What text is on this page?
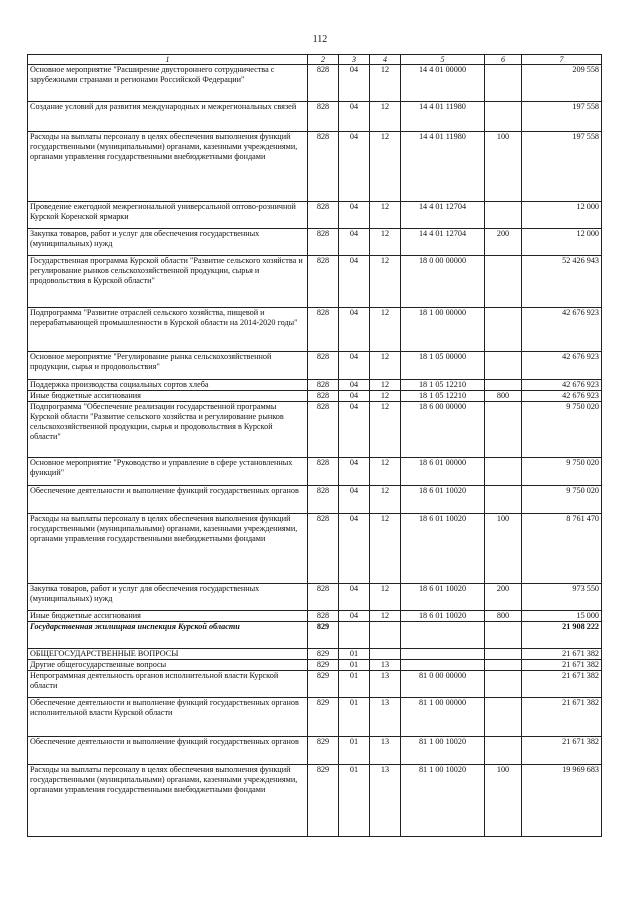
112
1	2	3	4	5	6	7
Основное мероприятие "Расширение двустороннего сотрудничества с зарубежными странами и регионами Российской Федерации"	828	04	12	14 4 01 00000		209 558
Создание условий для развития международных и межрегиональных связей	828	04	12	14 4 01 11980		197 558
Расходы на выплаты персоналу в целях обеспечения выполнения функций государственными (муниципальными) органами, казенными учреждениями, органами управления государственными внебюджетными фондами	828	04	12	14 4 01 11980	100	197 558
Проведение ежегодной межрегиональной универсальной оптово-розничной Курской Коренской ярмарки	828	04	12	14 4 01 12704		12 000
Закупка товаров, работ и услуг для обеспечения государственных (муниципальных) нужд	828	04	12	14 4 01 12704	200	12 000
Государственная программа Курской области "Развитие сельского хозяйства и регулирование рынков сельскохозяйственной продукции, сырья и продовольствия в Курской области"	828	04	12	18 0 00 00000		52 426 943
Подпрограмма "Развитие отраслей сельского хозяйства, пищевой и перерабатывающей промышленности в Курской области на 2014-2020 годы"	828	04	12	18 1 00 00000		42 676 923
Основное мероприятие "Регулирование рынка сельскохозяйственной продукции, сырья и продовольствия"	828	04	12	18 1 05 00000		42 676 923
Поддержка производства социальных сортов хлеба	828	04	12	18 1 05 12210		42 676 923
Иные бюджетные ассигнования	828	04	12	18 1 05 12210	800	42 676 923
Подпрограмма "Обеспечение реализации государственной программы Курской области "Развитие сельского хозяйства и регулирование рынков сельскохозяйственной продукции, сырья и продовольствия в Курской области"	828	04	12	18 6 00 00000		9 750 020
Основное мероприятие "Руководство и управление в сфере установленных функций"	828	04	12	18 6 01 00000		9 750 020
Обеспечение деятельности и выполнение функций государственных органов	828	04	12	18 6 01 10020		9 750 020
Расходы на выплаты персоналу в целях обеспечения выполнения функций государственными (муниципальными) органами, казенными учреждениями, органами управления государственными внебюджетными фондами	828	04	12	18 6 01 10020	100	8 761 470
Закупка товаров, работ и услуг для обеспечения государственных (муниципальных) нужд	828	04	12	18 6 01 10020	200	973 550
Иные бюджетные ассигнования	828	04	12	18 6 01 10020	800	15 000
Государственная жилищная инспекция Курской области	829					21 908 222
ОБЩЕГОСУДАРСТВЕННЫЕ ВОПРОСЫ	829	01				21 671 382
Другие общегосударственные вопросы	829	01	13			21 671 382
Непрограммная деятельность органов исполнительной власти Курской области	829	01	13	81 0 00 00000		21 671 382
Обеспечение деятельности и выполнение функций государственных органов исполнительной власти Курской области	829	01	13	81 1 00 00000		21 671 382
Обеспечение деятельности и выполнение функций государственных органов	829	01	13	81 1 00 10020		21 671 382
Расходы на выплаты персоналу в целях обеспечения выполнения функций государственными (муниципальными) органами, казенными учреждениями, органами управления государственными внебюджетными фондами	829	01	13	81 1 00 10020	100	19 969 683
